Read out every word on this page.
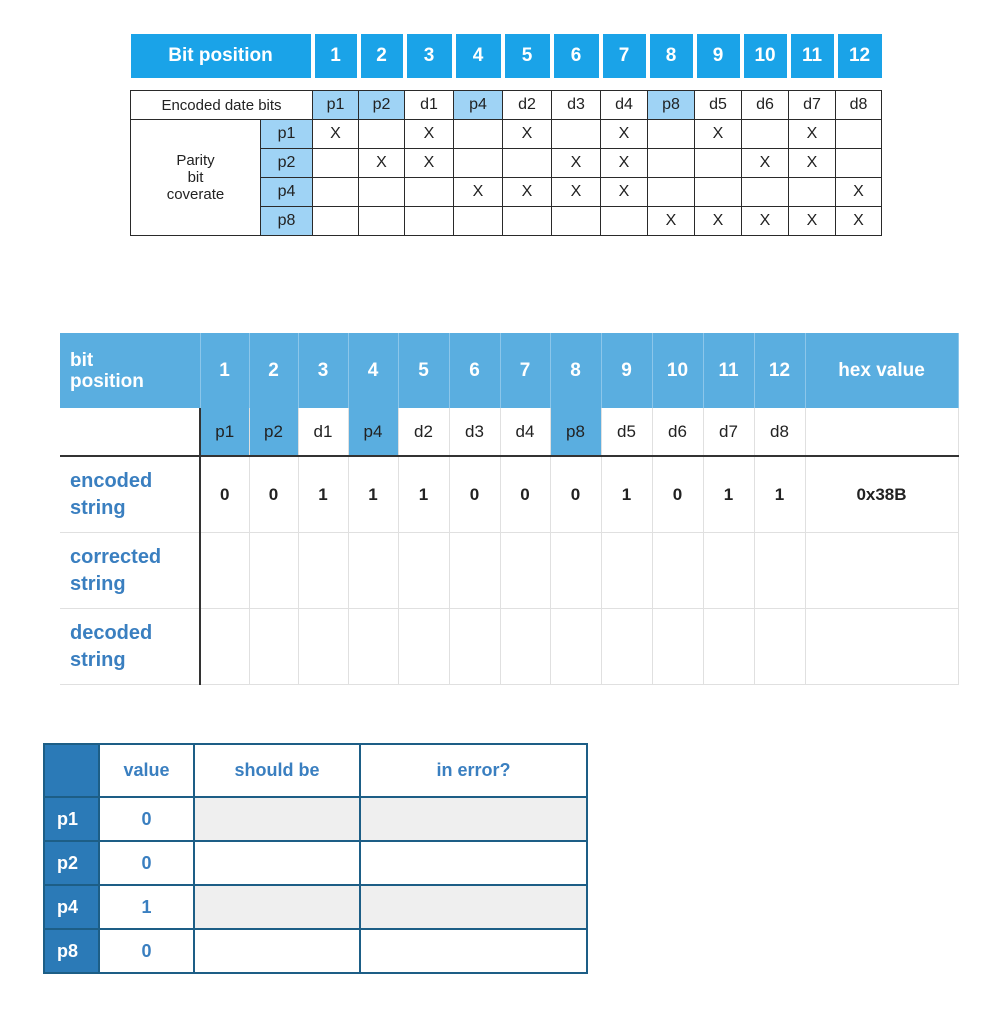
Bit position		1	2	3	4	5	6	7	8	9	10	11	12

Encoded date bits		p1	p2	d1	p4	d2	d3	d4	p8	d5	d6	d7	d8

Parity
bit
coverate	p1	X		X		X		X		X		X	
	p2		X	X			X	X			X	X	
	p4				X	X	X	X					X
	p8								X	X	X	X	X
bit
position	1	2	3	4	5	6	7	8	9	10	11	12	hex value
	p1	p2	d1	p4	d2	d3	d4	p8	d5	d6	d7	d8	

encoded
string	0	0	1	1	1	0	0	0	1	0	1	1	0x38B

corrected
string													

decoded
string													

	value	should be	in error?
p1	0		
p2	0		
p4	1		
p8	0		
